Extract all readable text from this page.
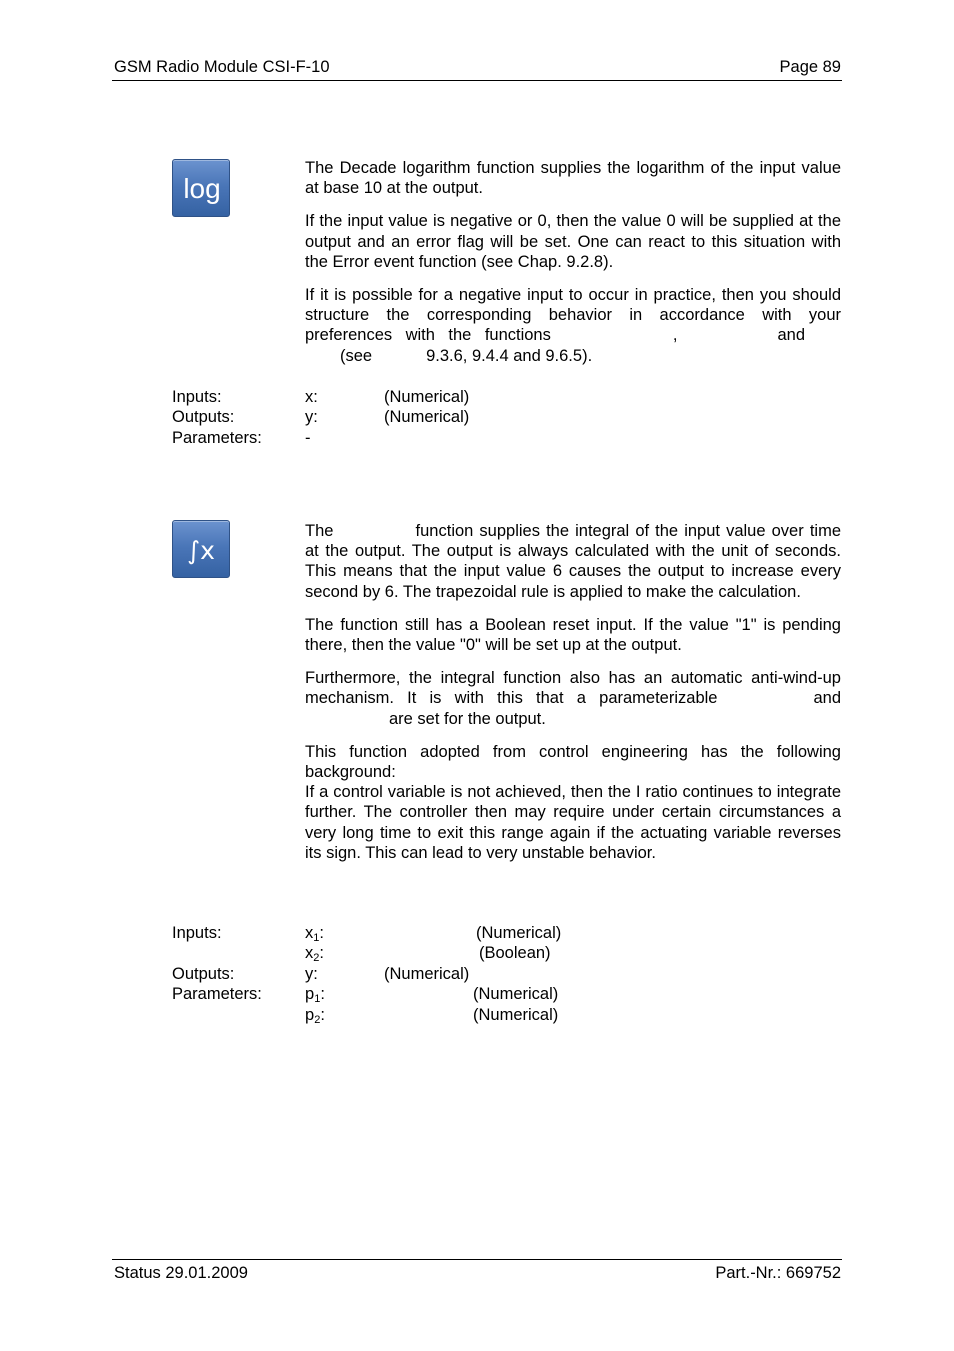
GSM Radio Module CSI-F-10	Page 89
log

The Decade logarithm function supplies the logarithm of the input value at base 10 at the output.

If the input value is negative or 0, then the value 0 will be supplied at the output and an error flag will be set. One can react to this situation with the Error event function (see Chap. 9.2.8).

If it is possible for a negative input to occur in practice, then you should structure the corresponding behavior in accordance with your preferences with the functions	,	and (see	9.3.6, 9.4.4 and 9.6.5).

Inputs:	x:	(Numerical)
Outputs:	y:	(Numerical)
Parameters:	-
∫x

The	function supplies the integral of the input value over time at the output. The output is always calculated with the unit of seconds. This means that the input value 6 causes the output to increase every second by 6. The trapezoidal rule is applied to make the calculation.

The function still has a Boolean reset input. If the value "1" is pending there, then the value "0" will be set up at the output.

Furthermore, the integral function also has an automatic anti-wind-up mechanism. It is with this that a parameterizable	and are set for the output.

This function adopted from control engineering has the following background:

If a control variable is not achieved, then the I ratio continues to integrate further. The controller then may require under certain circumstances a very long time to exit this range again if the actuating variable reverses its sign. This can lead to very unstable behavior.

Inputs:	$x_1$:	(Numerical)
$x_2$:	(Boolean)
Outputs:	y:	(Numerical)
Parameters:	$p_1$:	(Numerical)
$p_2$:	(Numerical)
Status 29.01.2009	Part.-Nr.: 669752
